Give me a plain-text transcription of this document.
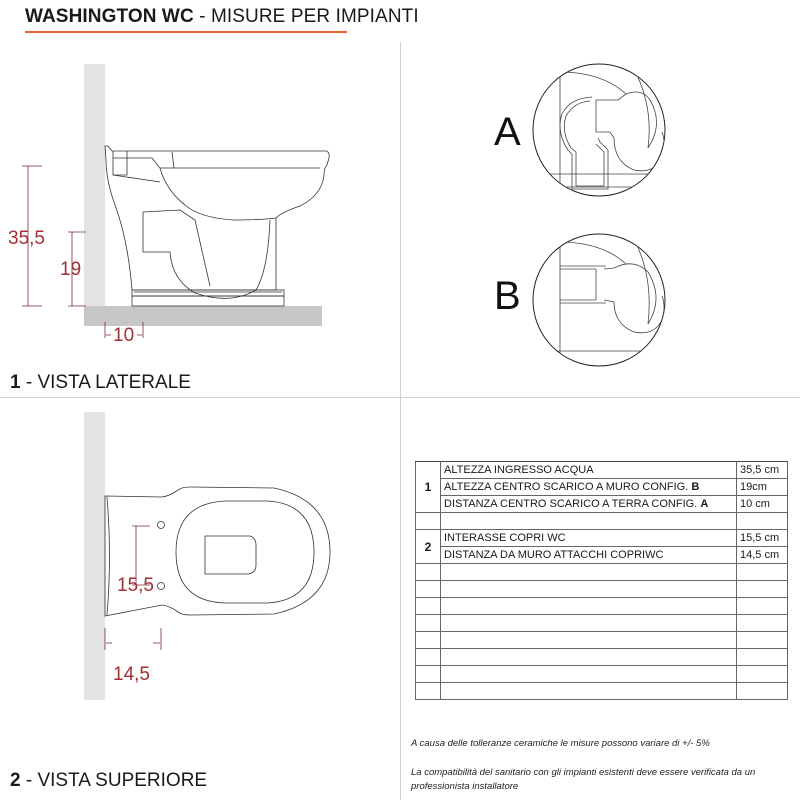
WASHINGTON WC - MISURE PER IMPIANTI
35,5
19
10
1 - VISTA LATERALE
A
B
15,5
14,5
2 - VISTA SUPERIORE
1	ALTEZZA INGRESSO ACQUA	35,5 cm
	ALTEZZA CENTRO SCARICO A MURO CONFIG. B	19cm
	DISTANZA CENTRO SCARICO A TERRA CONFIG. A	10 cm

2	INTERASSE COPRI WC	15,5 cm
	DISTANZA DA MURO ATTACCHI COPRIWC	14,5 cm

A causa delle tolleranze ceramiche le misure possono variare di +/- 5%
La compatibilità del sanitario con gli impianti esistenti deve essere verificata da un professionista installatore
